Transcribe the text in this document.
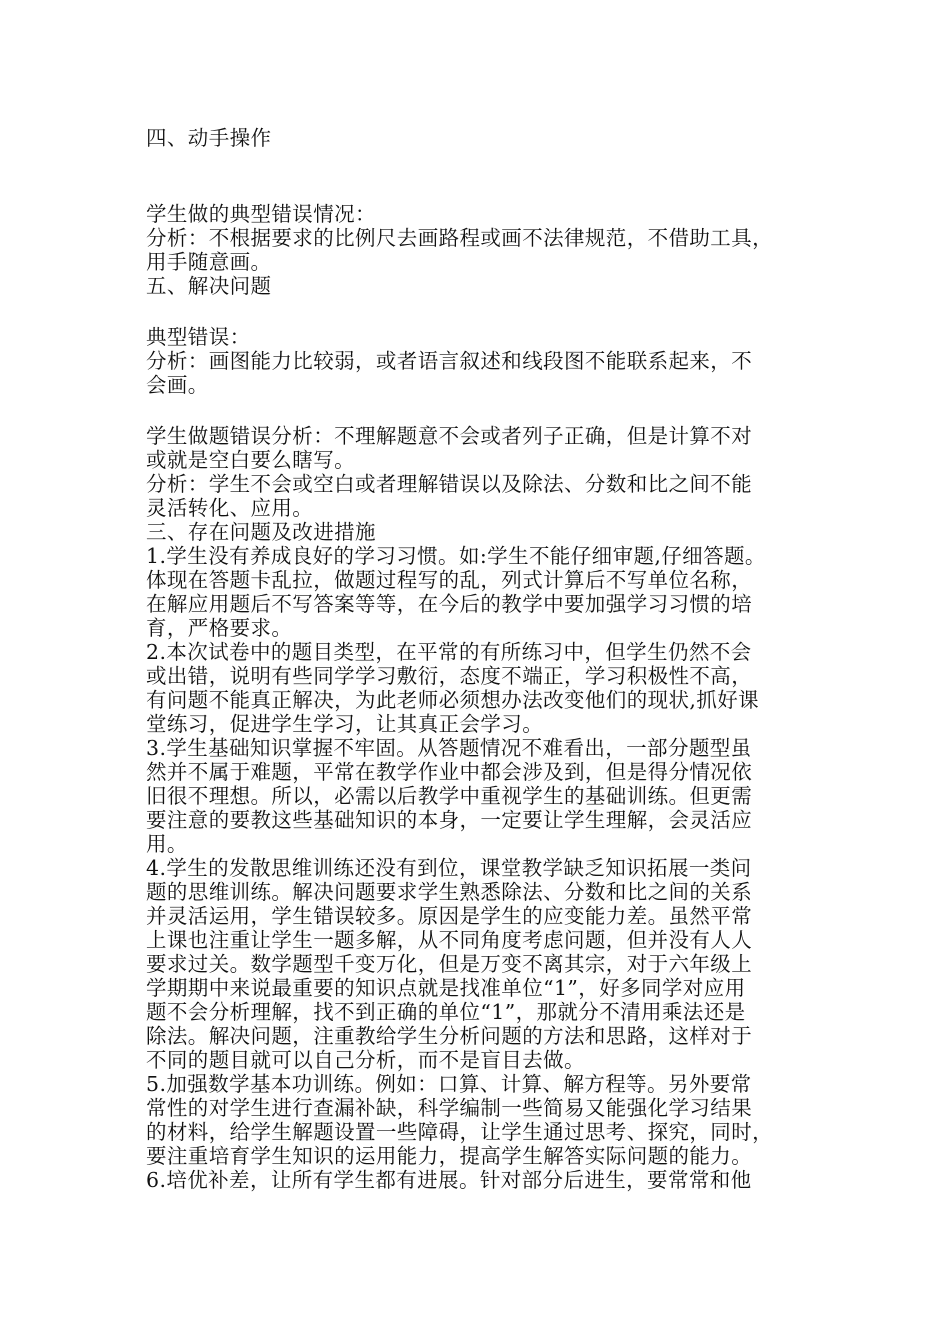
四、动手操作
学生做的典型错误情况：
分析：不根据要求的比例尺去画路程或画不法律规范，不借助工具，
用手随意画。
五、解决问题
典型错误：
分析：画图能力比较弱，或者语言叙述和线段图不能联系起来，不
会画。
学生做题错误分析：不理解题意不会或者列子正确，但是计算不对
或就是空白要么瞎写。
分析：学生不会或空白或者理解错误以及除法、分数和比之间不能
灵活转化、应用。
三、存在问题及改进措施
1.学生没有养成良好的学习习惯。如:学生不能仔细审题,仔细答题。
体现在答题卡乱拉，做题过程写的乱，列式计算后不写单位名称，
在解应用题后不写答案等等，在今后的教学中要加强学习习惯的培
育，严格要求。
2.本次试卷中的题目类型，在平常的有所练习中，但学生仍然不会
或出错，说明有些同学学习敷衍，态度不端正，学习积极性不高，
有问题不能真正解决，为此老师必须想办法改变他们的现状,抓好课
堂练习，促进学生学习，让其真正会学习。
3.学生基础知识掌握不牢固。从答题情况不难看出，一部分题型虽
然并不属于难题，平常在教学作业中都会涉及到，但是得分情况依
旧很不理想。所以，必需以后教学中重视学生的基础训练。但更需
要注意的要教这些基础知识的本身，一定要让学生理解，会灵活应
用。
4.学生的发散思维训练还没有到位，课堂教学缺乏知识拓展一类问
题的思维训练。解决问题要求学生熟悉除法、分数和比之间的关系
并灵活运用，学生错误较多。原因是学生的应变能力差。虽然平常
上课也注重让学生一题多解，从不同角度考虑问题，但并没有人人
要求过关。数学题型千变万化，但是万变不离其宗，对于六年级上
学期期中来说最重要的知识点就是找准单位“1”，好多同学对应用
题不会分析理解，找不到正确的单位“1”，那就分不清用乘法还是
除法。解决问题，注重教给学生分析问题的方法和思路，这样对于
不同的题目就可以自己分析，而不是盲目去做。
5.加强数学基本功训练。例如：口算、计算、解方程等。另外要常
常性的对学生进行查漏补缺，科学编制一些简易又能强化学习结果
的材料，给学生解题设置一些障碍，让学生通过思考、探究，同时，
要注重培育学生知识的运用能力，提高学生解答实际问题的能力。
6.培优补差，让所有学生都有进展。针对部分后进生，要常常和他
